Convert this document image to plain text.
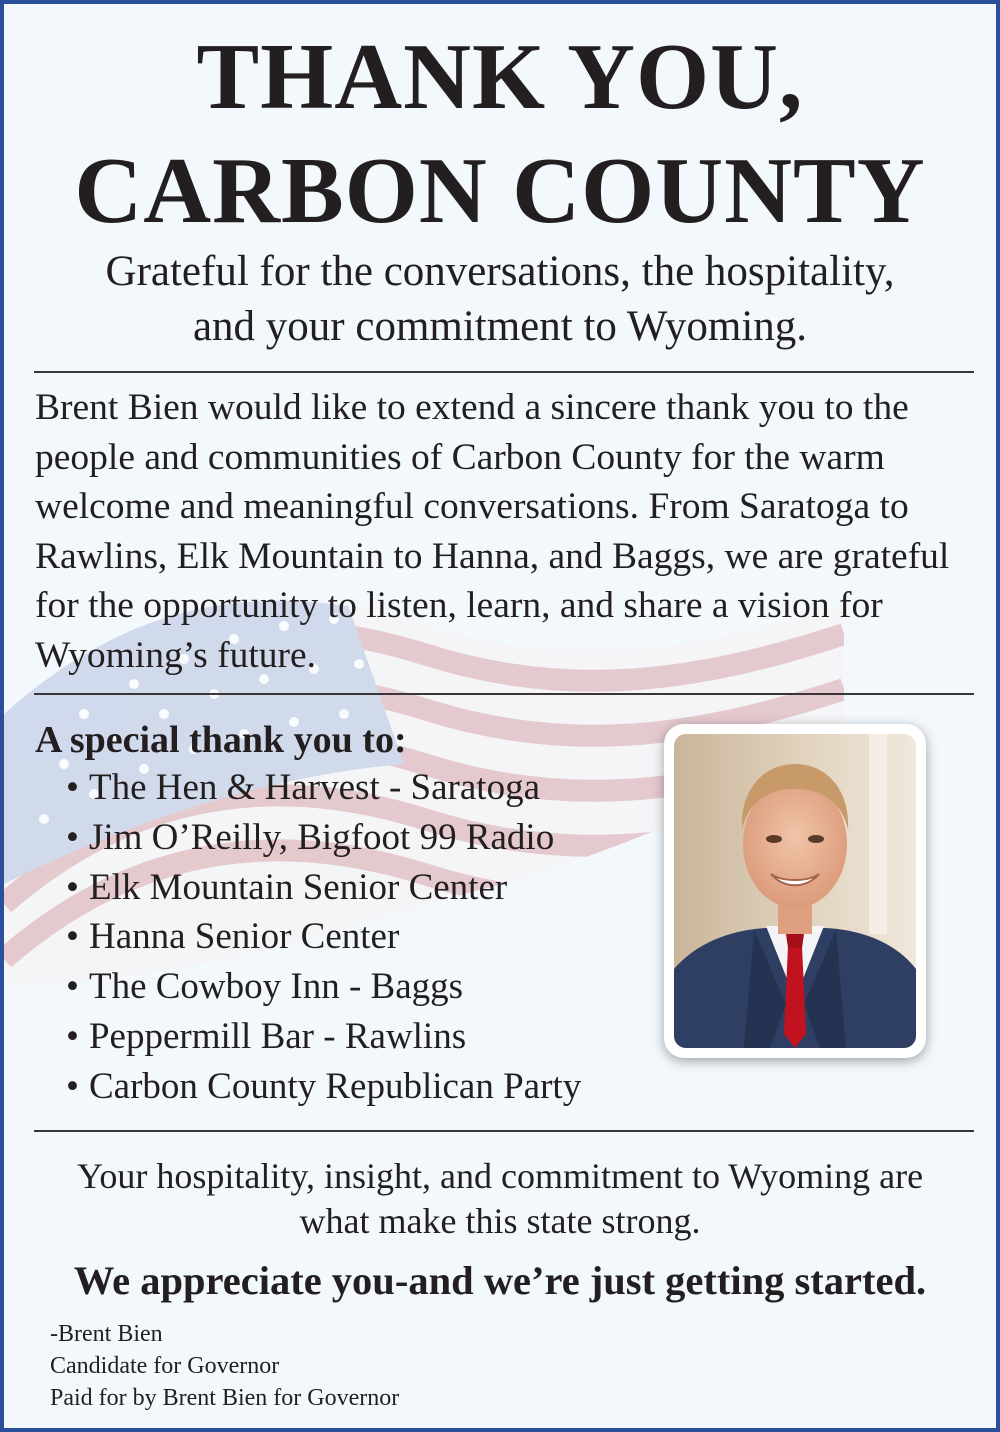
THANK YOU,
CARBON COUNTY
Grateful for the conversations, the hospitality,
and your commitment to Wyoming.
Brent Bien would like to extend a sincere thank you to the
people and communities of Carbon County for the warm
welcome and meaningful conversations. From Saratoga to
Rawlins, Elk Mountain to Hanna, and Baggs, we are grateful
for the opportunity to listen, learn, and share a vision for
Wyoming’s future.
A special thank you to:
• The Hen & Harvest - Saratoga
• Jim O’Reilly, Bigfoot 99 Radio
• Elk Mountain Senior Center
• Hanna Senior Center
• The Cowboy Inn - Baggs
• Peppermill Bar - Rawlins
• Carbon County Republican Party
Your hospitality, insight, and commitment to Wyoming are
what make this state strong.
We appreciate you-and we’re just getting started.
-Brent Bien
Candidate for Governor
Paid for by Brent Bien for Governor
